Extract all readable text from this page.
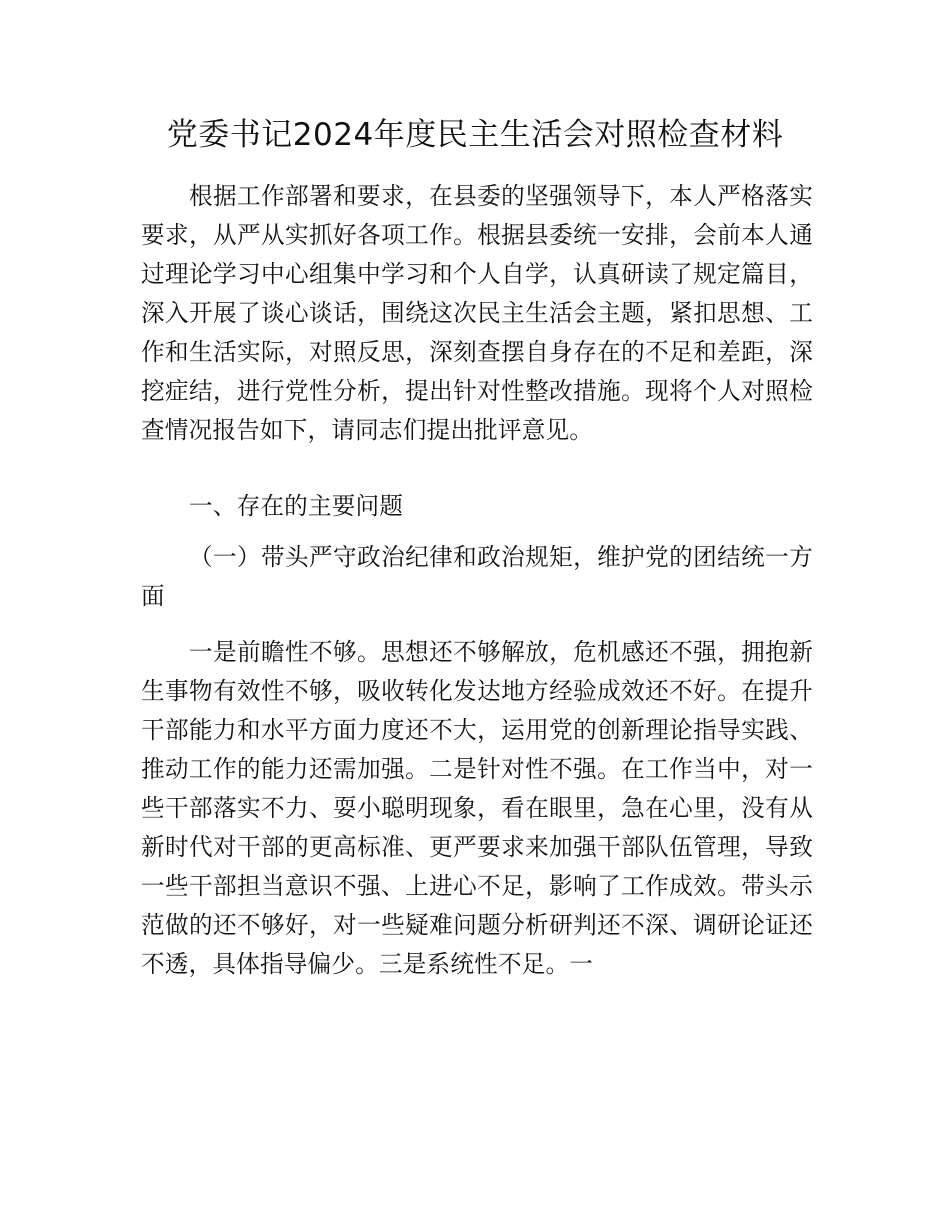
党委书记2024年度民主生活会对照检查材料

根据工作部署和要求，在县委的坚强领导下，本人严格落实要求，从严从实抓好各项工作。根据县委统一安排，会前本人通过理论学习中心组集中学习和个人自学，认真研读了规定篇目，深入开展了谈心谈话，围绕这次民主生活会主题，紧扣思想、工作和生活实际，对照反思，深刻查摆自身存在的不足和差距，深挖症结，进行党性分析，提出针对性整改措施。现将个人对照检查情况报告如下，请同志们提出批评意见。

一、存在的主要问题

（一）带头严守政治纪律和政治规矩，维护党的团结统一方面

一是前瞻性不够。思想还不够解放，危机感还不强，拥抱新生事物有效性不够，吸收转化发达地方经验成效还不好。在提升干部能力和水平方面力度还不大，运用党的创新理论指导实践、推动工作的能力还需加强。二是针对性不强。在工作当中，对一些干部落实不力、耍小聪明现象，看在眼里，急在心里，没有从新时代对干部的更高标准、更严要求来加强干部队伍管理，导致一些干部担当意识不强、上进心不足，影响了工作成效。带头示范做的还不够好，对一些疑难问题分析研判还不深、调研论证还不透，具体指导偏少。三是系统性不足。一
